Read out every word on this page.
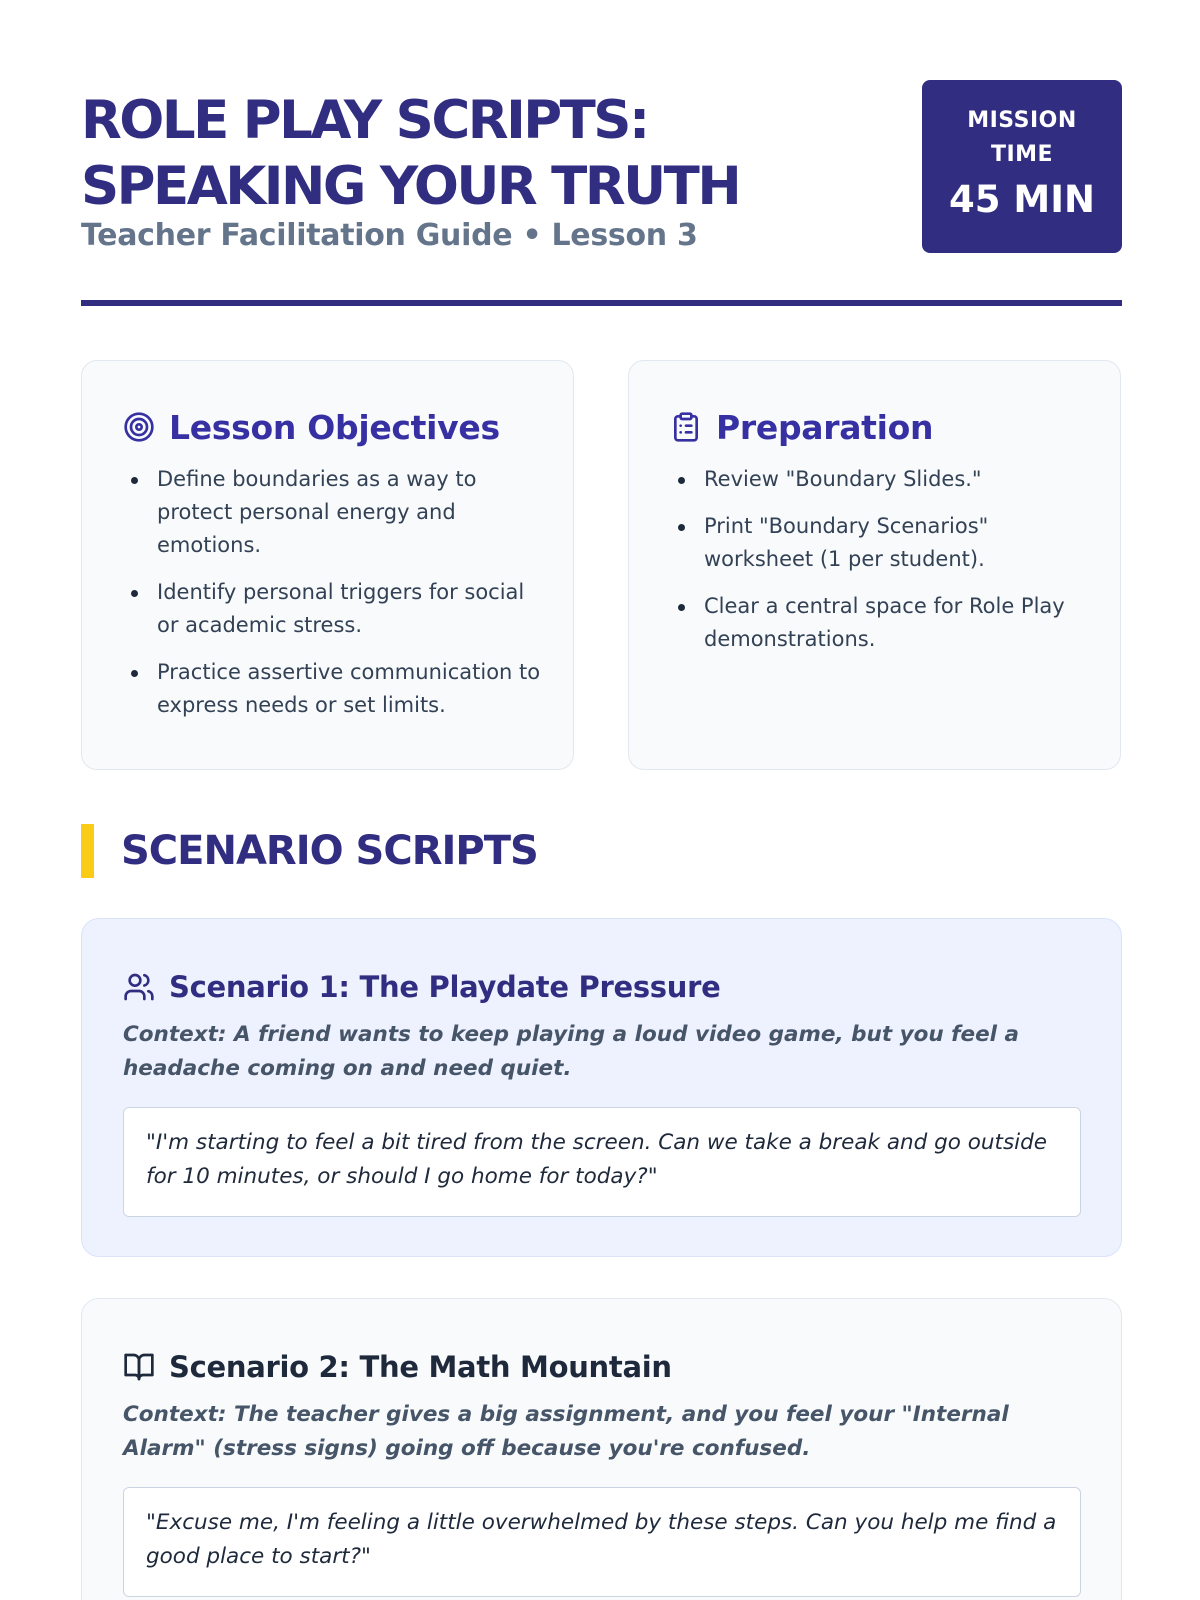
ROLE PLAY SCRIPTS:
SPEAKING YOUR TRUTH
Teacher Facilitation Guide • Lesson 3
MISSION
TIME
45 MIN
Lesson Objectives
Define boundaries as a way to protect personal energy and emotions.
Identify personal triggers for social or academic stress.
Practice assertive communication to express needs or set limits.
Preparation
Review "Boundary Slides."
Print "Boundary Scenarios" worksheet (1 per student).
Clear a central space for Role Play demonstrations.
SCENARIO SCRIPTS
Scenario 1: The Playdate Pressure

Context: A friend wants to keep playing a loud video game, but you feel a headache coming on and need quiet.

"I'm starting to feel a bit tired from the screen. Can we take a break and go outside for 10 minutes, or should I go home for today?"
Scenario 2: The Math Mountain

Context: The teacher gives a big assignment, and you feel your "Internal Alarm" (stress signs) going off because you're confused.

"Excuse me, I'm feeling a little overwhelmed by these steps. Can you help me find a good place to start?"
